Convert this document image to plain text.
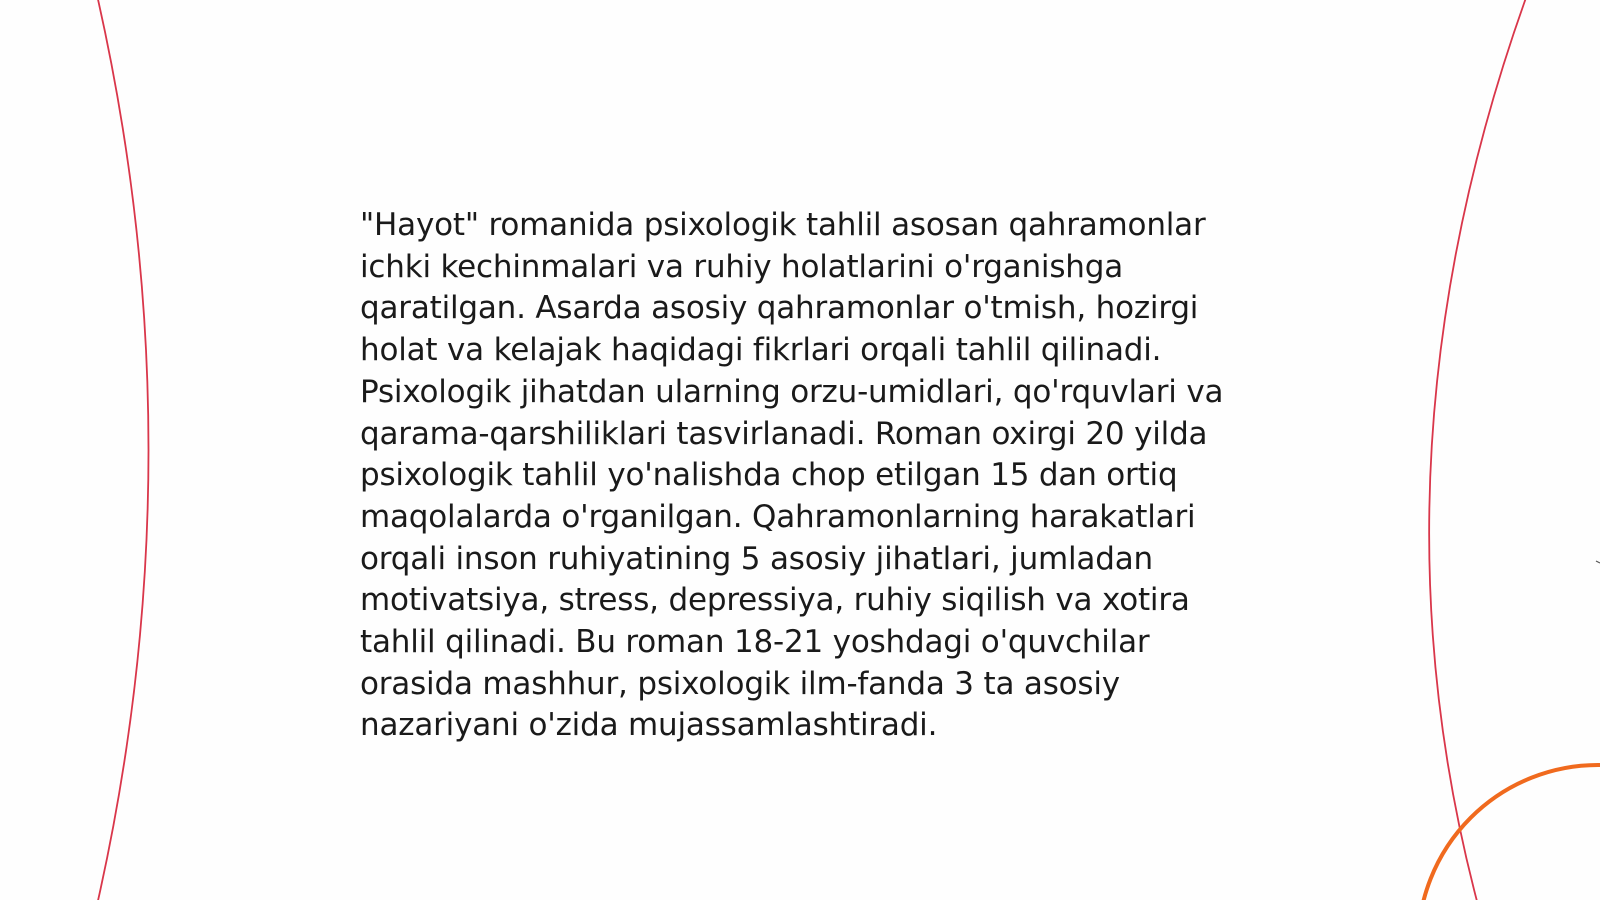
"Hayot" romanida psixologik tahlil asosan qahramonlar ichki kechinmalari va ruhiy holatlarini o'rganishga qaratilgan. Asarda asosiy qahramonlar o'tmish, hozirgi holat va kelajak haqidagi fikrlari orqali tahlil qilinadi. Psixologik jihatdan ularning orzu-umidlari, qo'rquvlari va qarama-qarshiliklari tasvirlanadi. Roman oxirgi 20 yilda psixologik tahlil yo'nalishda chop etilgan 15 dan ortiq maqolalarda o'rganilgan. Qahramonlarning harakatlari orqali inson ruhiyatining 5 asosiy jihatlari, jumladan motivatsiya, stress, depressiya, ruhiy siqilish va xotira tahlil qilinadi. Bu roman 18-21 yoshdagi o'quvchilar orasida mashhur, psixologik ilm-fanda 3 ta asosiy nazariyani o'zida mujassamlashtiradi.
